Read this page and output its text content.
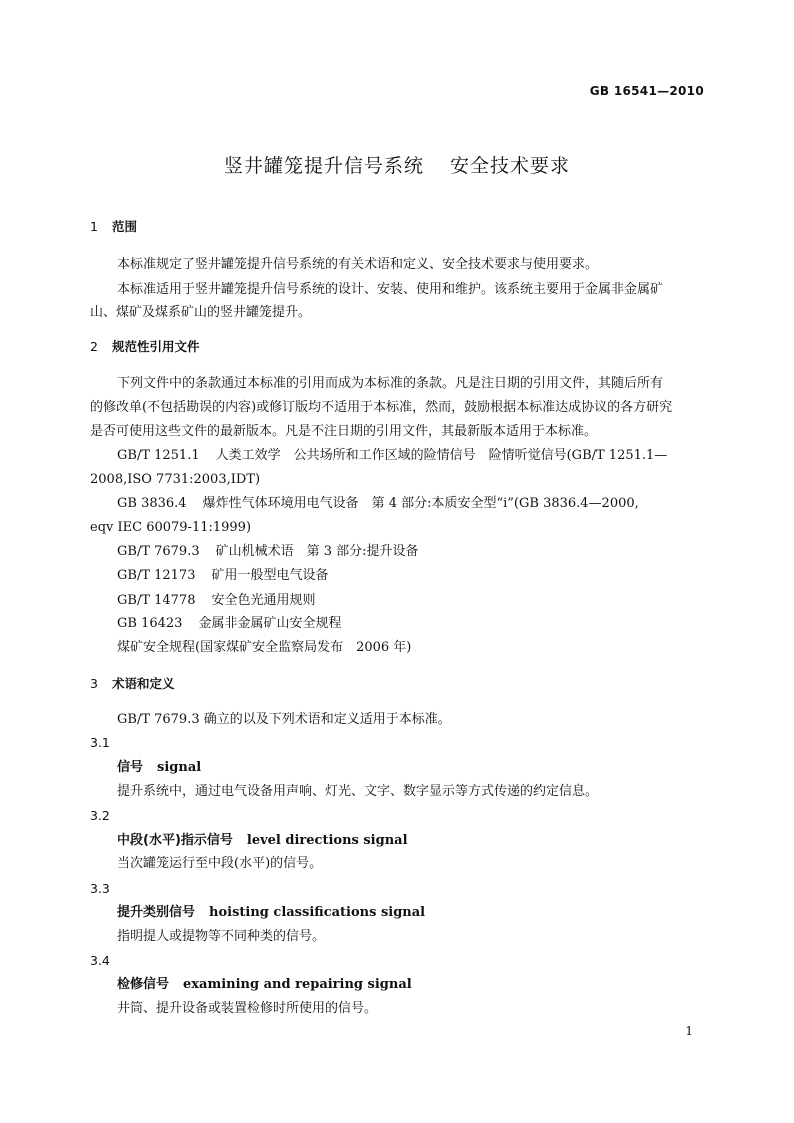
GB 16541—2010
竖井罐笼提升信号系统 安全技术要求
1 范围
本标准规定了竖井罐笼提升信号系统的有关术语和定义、安全技术要求与使用要求。
本标准适用于竖井罐笼提升信号系统的设计、安装、使用和维护。该系统主要用于金属非金属矿
山、煤矿及煤系矿山的竖井罐笼提升。
2 规范性引用文件
下列文件中的条款通过本标准的引用而成为本标准的条款。凡是注日期的引用文件，其随后所有
的修改单(不包括勘误的内容)或修订版均不适用于本标准，然而，鼓励根据本标准达成协议的各方研究
是否可使用这些文件的最新版本。凡是不注日期的引用文件，其最新版本适用于本标准。
GB/T 1251.1 人类工效学　公共场所和工作区域的险情信号　险情听觉信号(GB/T 1251.1—
2008,ISO 7731:2003,IDT)
GB 3836.4 爆炸性气体环境用电气设备　第 4 部分:本质安全型“i”(GB 3836.4—2000,
eqv IEC 60079-11:1999)
GB/T 7679.3 矿山机械术语　第 3 部分:提升设备
GB/T 12173 矿用一般型电气设备
GB/T 14778 安全色光通用规则
GB 16423 金属非金属矿山安全规程
煤矿安全规程(国家煤矿安全监察局发布　2006 年)
3 术语和定义
GB/T 7679.3 确立的以及下列术语和定义适用于本标准。
3.1
信号 signal
提升系统中，通过电气设备用声响、灯光、文字、数字显示等方式传递的约定信息。
3.2
中段(水平)指示信号 level directions signal
当次罐笼运行至中段(水平)的信号。
3.3
提升类别信号 hoisting classifications signal
指明提人或提物等不同种类的信号。
3.4
检修信号 examining and repairing signal
井筒、提升设备或装置检修时所使用的信号。
1
